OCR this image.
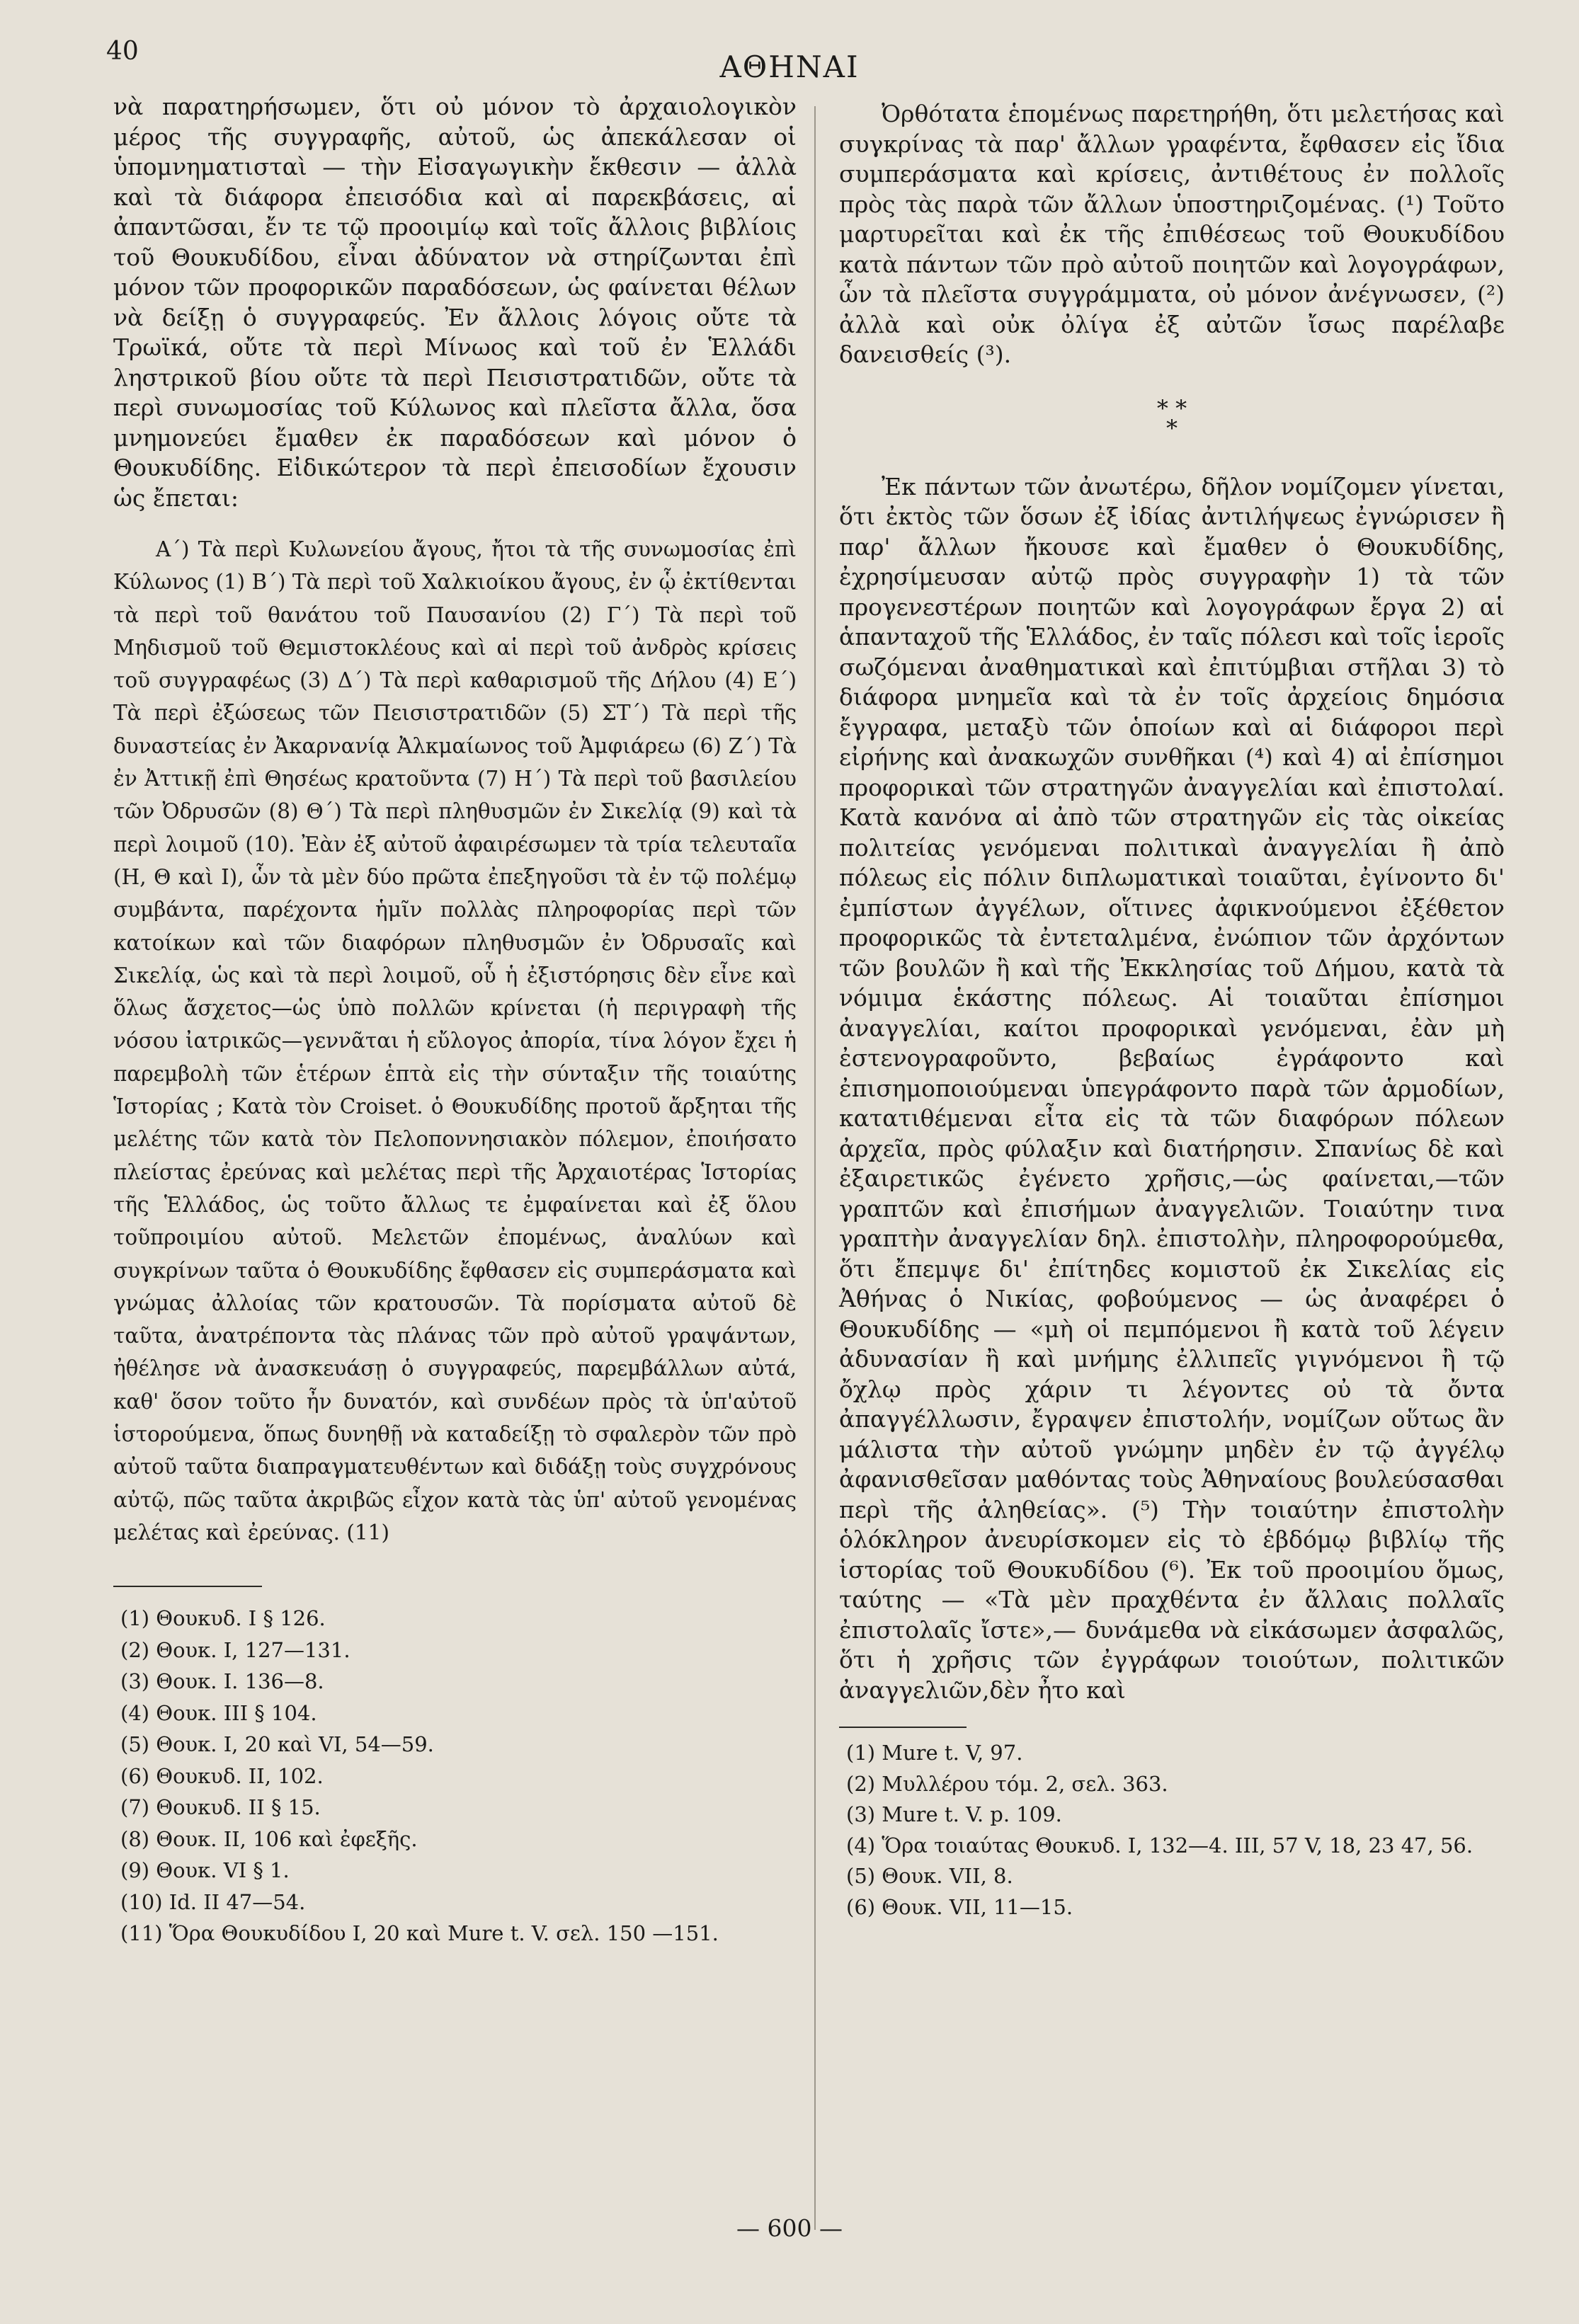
40	ΑΘΗΝΑΙ

νὰ παρατηρήσωμεν, ὅτι οὐ μόνον τὸ ἀρχαιολογικὸν μέρος τῆς συγγραφῆς, αὐτοῦ, ὡς ἀπεκάλεσαν οἱ ὑπομνηματισταὶ — τὴν Εἰσαγωγικὴν ἔκθεσιν — ἀλλὰ καὶ τὰ διάφορα ἐπεισόδια καὶ αἱ παρεκβάσεις, αἱ ἀπαντῶσαι, ἔν τε τῷ προοιμίῳ καὶ τοῖς ἄλλοις βιβλίοις τοῦ Θουκυδίδου, εἶναι ἀδύνατον νὰ στηρίζωνται ἐπὶ μόνον τῶν προφορικῶν παραδόσεων, ὡς φαίνεται θέλων νὰ δείξῃ ὁ συγγραφεύς. Ἐν ἄλλοις λόγοις οὔτε τὰ Τρωϊκά, οὔτε τὰ περὶ Μίνωος καὶ τοῦ ἐν Ἑλλάδι ληστρικοῦ βίου οὔτε τὰ περὶ Πεισιστρατιδῶν, οὔτε τὰ περὶ συνωμοσίας τοῦ Κύλωνος καὶ πλεῖστα ἄλλα, ὅσα μνημονεύει ἔμαθεν ἐκ παραδόσεων καὶ μόνον ὁ Θουκυδίδης. Εἰδικώτερον τὰ περὶ ἐπεισοδίων ἔχουσιν ὡς ἔπεται:

Α΄) Τὰ περὶ Κυλωνείου ἄγους, ἤτοι τὰ τῆς συνωμοσίας ἐπὶ Κύλωνος (1) Β΄) Τὰ περὶ τοῦ Χαλκιοίκου ἄγους, ἐν ᾧ ἐκτίθενται τὰ περὶ τοῦ θανάτου τοῦ Παυσανίου (2) Γ΄) Τὰ περὶ τοῦ Μηδισμοῦ τοῦ Θεμιστοκλέους καὶ αἱ περὶ τοῦ ἀνδρὸς κρίσεις τοῦ συγγραφέως (3) Δ΄) Τὰ περὶ καθαρισμοῦ τῆς Δήλου (4) Ε΄) Τὰ περὶ ἐξώσεως τῶν Πεισιστρατιδῶν (5) ΣΤ΄) Τὰ περὶ τῆς δυναστείας ἐν Ἀκαρνανίᾳ Ἀλκμαίωνος τοῦ Ἀμφιάρεω (6) Ζ΄) Τὰ ἐν Ἀττικῇ ἐπὶ Θησέως κρατοῦντα (7) Η΄) Τὰ περὶ τοῦ βασιλείου τῶν Ὀδρυσῶν (8) Θ΄) Τὰ περὶ πληθυσμῶν ἐν Σικελίᾳ (9) καὶ τὰ περὶ λοιμοῦ (10). Ἐὰν ἐξ αὐτοῦ ἀφαιρέσωμεν τὰ τρία τελευταῖα (Η, Θ καὶ Ι), ὧν τὰ μὲν δύο πρῶτα ἐπεξηγοῦσι τὰ ἐν τῷ πολέμῳ συμβάντα, παρέχοντα ἡμῖν πολλὰς πληροφορίας περὶ τῶν κατοίκων καὶ τῶν διαφόρων πληθυσμῶν ἐν Ὀδρυσαῖς καὶ Σικελίᾳ, ὡς καὶ τὰ περὶ λοιμοῦ, οὗ ἡ ἐξιστόρησις δὲν εἶνε καὶ ὅλως ἄσχετος—ὡς ὑπὸ πολλῶν κρίνεται (ἡ περιγραφὴ τῆς νόσου ἰατρικῶς—γεννᾶται ἡ εὔλογος ἀπορία, τίνα λόγον ἔχει ἡ παρεμβολὴ τῶν ἑτέρων ἑπτὰ εἰς τὴν σύνταξιν τῆς τοιαύτης Ἱστορίας ; Κατὰ τὸν Croiset. ὁ Θουκυδίδης προτοῦ ἄρξηται τῆς μελέτης τῶν κατὰ τὸν Πελοποννησιακὸν πόλεμον, ἐποιήσατο πλείστας ἐρεύνας καὶ μελέτας περὶ τῆς Ἀρχαιοτέρας Ἱστορίας τῆς Ἑλλάδος, ὡς τοῦτο ἄλλως τε ἐμφαίνεται καὶ ἐξ ὅλου τοῦπροιμίου αὐτοῦ. Μελετῶν ἐπομένως, ἀναλύων καὶ συγκρίνων ταῦτα ὁ Θουκυδίδης ἔφθασεν εἰς συμπεράσματα καὶ γνώμας ἀλλοίας τῶν κρατουσῶν. Τὰ πορίσματα αὐτοῦ δὲ ταῦτα, ἀνατρέποντα τὰς πλάνας τῶν πρὸ αὐτοῦ γραψάντων, ἠθέλησε νὰ ἀνασκευάσῃ ὁ συγγραφεύς, παρεμβάλλων αὐτά, καθ' ὅσον τοῦτο ἦν δυνατόν, καὶ συνδέων πρὸς τὰ ὑπ'αὐτοῦ ἱστορούμενα, ὅπως δυνηθῇ νὰ καταδείξῃ τὸ σφαλερὸν τῶν πρὸ αὐτοῦ ταῦτα διαπραγματευθέντων καὶ διδάξῃ τοὺς συγχρόνους αὐτῷ, πῶς ταῦτα ἀκριβῶς εἶχον κατὰ τὰς ὑπ' αὐτοῦ γενομένας μελέτας καὶ ἐρεύνας. (11)

(1) Θουκυδ. I § 126.
(2) Θουκ. I, 127—131.
(3) Θουκ. I. 136—8.
(4) Θουκ. III § 104.
(5) Θουκ. I, 20 καὶ VI, 54—59.
(6) Θουκυδ. II, 102.
(7) Θουκυδ. II § 15.
(8) Θουκ. II, 106 καὶ ἐφεξῆς.
(9) Θουκ. VI § 1.
(10) Id. II 47—54.
(11) Ὅρα Θουκυδίδου I, 20 καὶ Mure t. V. σελ. 150 —151.

Ὀρθότατα ἑπομένως παρετηρήθη, ὅτι μελετήσας καὶ συγκρίνας τὰ παρ' ἄλλων γραφέντα, ἔφθασεν εἰς ἴδια συμπεράσματα καὶ κρίσεις, ἀντιθέτους ἐν πολλοῖς πρὸς τὰς παρὰ τῶν ἄλλων ὑποστηριζομένας. (¹) Τοῦτο μαρτυρεῖται καὶ ἐκ τῆς ἐπιθέσεως τοῦ Θουκυδίδου κατὰ πάντων τῶν πρὸ αὐτοῦ ποιητῶν καὶ λογογράφων, ὧν τὰ πλεῖστα συγγράμματα, οὐ μόνον ἀνέγνωσεν, (²) ἀλλὰ καὶ οὐκ ὀλίγα ἐξ αὐτῶν ἴσως παρέλαβε δανεισθείς (³).

* *
*

Ἐκ πάντων τῶν ἀνωτέρω, δῆλον νομίζομεν γίνεται, ὅτι ἐκτὸς τῶν ὅσων ἐξ ἰδίας ἀντιλήψεως ἐγνώρισεν ἢ παρ' ἄλλων ἤκουσε καὶ ἔμαθεν ὁ Θουκυδίδης, ἐχρησίμευσαν αὐτῷ πρὸς συγγραφὴν 1) τὰ τῶν προγενεστέρων ποιητῶν καὶ λογογράφων ἔργα 2) αἱ ἁπανταχοῦ τῆς Ἑλλάδος, ἐν ταῖς πόλεσι καὶ τοῖς ἱεροῖς σωζόμεναι ἀναθηματικαὶ καὶ ἐπιτύμβιαι στῆλαι 3) τὸ διάφορα μνημεῖα καὶ τὰ ἐν τοῖς ἀρχείοις δημόσια ἔγγραφα, μεταξὺ τῶν ὁποίων καὶ αἱ διάφοροι περὶ εἰρήνης καὶ ἀνακωχῶν συνθῆκαι (⁴) καὶ 4) αἱ ἐπίσημοι προφορικαὶ τῶν στρατηγῶν ἀναγγελίαι καὶ ἐπιστολαί. Κατὰ κανόνα αἱ ἀπὸ τῶν στρατηγῶν εἰς τὰς οἰκείας πολιτείας γενόμεναι πολιτικαὶ ἀναγγελίαι ἢ ἀπὸ πόλεως εἰς πόλιν διπλωματικαὶ τοιαῦται, ἐγίνοντο δι' ἐμπίστων ἀγγέλων, οἵτινες ἀφικνούμενοι ἐξέθετον προφορικῶς τὰ ἐντεταλμένα, ἐνώπιον τῶν ἀρχόντων τῶν βουλῶν ἢ καὶ τῆς Ἐκκλησίας τοῦ Δήμου, κατὰ τὰ νόμιμα ἑκάστης πόλεως. Αἱ τοιαῦται ἐπίσημοι ἀναγγελίαι, καίτοι προφορικαὶ γενόμεναι, ἐὰν μὴ ἐστενογραφοῦντο, βεβαίως ἐγράφοντο καὶ ἐπισημοποιούμεναι ὑπεγράφοντο παρὰ τῶν ἁρμοδίων, κατατιθέμεναι εἶτα εἰς τὰ τῶν διαφόρων πόλεων ἀρχεῖα, πρὸς φύλαξιν καὶ διατήρησιν. Σπανίως δὲ καὶ ἐξαιρετικῶς ἐγένετο χρῆσις,—ὡς φαίνεται,—τῶν γραπτῶν καὶ ἐπισήμων ἀναγγελιῶν. Τοιαύτην τινα γραπτὴν ἀναγγελίαν δηλ. ἐπιστολὴν, πληροφορούμεθα, ὅτι ἔπεμψε δι' ἐπίτηδες κομιστοῦ ἐκ Σικελίας εἰς Ἀθήνας ὁ Νικίας, φοβούμενος — ὡς ἀναφέρει ὁ Θουκυδίδης — «μὴ οἱ πεμπόμενοι ἢ κατὰ τοῦ λέγειν ἀδυνασίαν ἢ καὶ μνήμης ἐλλιπεῖς γιγνόμενοι ἢ τῷ ὄχλῳ πρὸς χάριν τι λέγοντες οὐ τὰ ὄντα ἀπαγγέλλωσιν, ἔγραψεν ἐπιστολήν, νομίζων οὕτως ἂν μάλιστα τὴν αὐτοῦ γνώμην μηδὲν ἐν τῷ ἀγγέλῳ ἀφανισθεῖσαν μαθόντας τοὺς Ἀθηναίους βουλεύσασθαι περὶ τῆς ἀληθείας». (⁵) Τὴν τοιαύτην ἐπιστολὴν ὁλόκληρον ἀνευρίσκομεν εἰς τὸ ἑβδόμῳ βιβλίῳ τῆς ἱστορίας τοῦ Θουκυδίδου (⁶). Ἐκ τοῦ προοιμίου ὅμως, ταύτης — «Τὰ μὲν πραχθέντα ἐν ἄλλαις πολλαῖς ἐπιστολαῖς ἴστε»,— δυνάμεθα νὰ εἰκάσωμεν ἀσφαλῶς, ὅτι ἡ χρῆσις τῶν ἐγγράφων τοιούτων, πολιτικῶν ἀναγγελιῶν,δὲν ἦτο καὶ

(1) Mure t. V, 97.
(2) Μυλλέρου τόμ. 2, σελ. 363.
(3) Mure t. V. p. 109.
(4) Ὅρα τοιαύτας Θουκυδ. I, 132—4. III, 57 V, 18, 23 47, 56.
(5) Θουκ. VII, 8.
(6) Θουκ. VII, 11—15.
— 600 —
